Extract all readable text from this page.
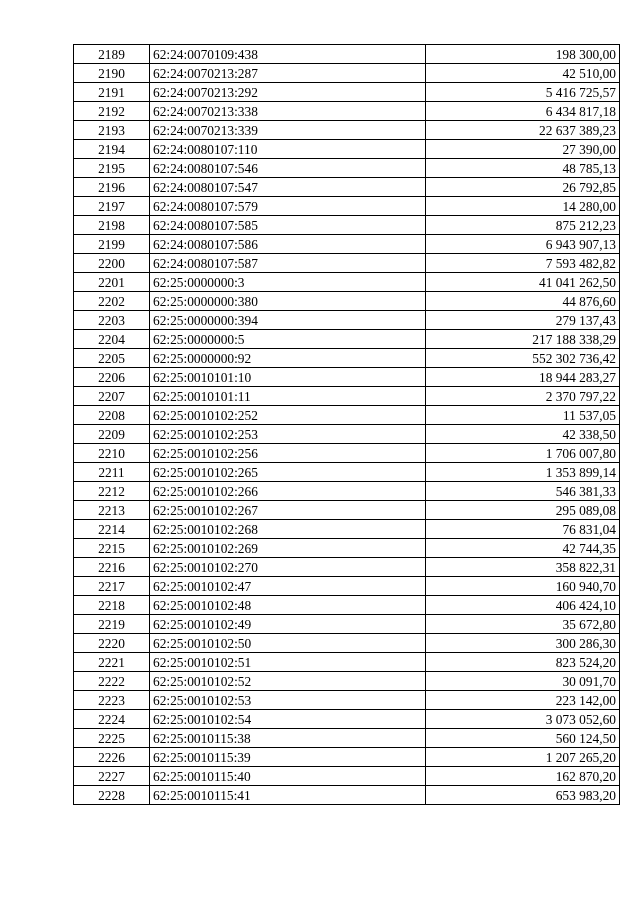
2189	62:24:0070109:438	198 300,00
2190	62:24:0070213:287	42 510,00
2191	62:24:0070213:292	5 416 725,57
2192	62:24:0070213:338	6 434 817,18
2193	62:24:0070213:339	22 637 389,23
2194	62:24:0080107:110	27 390,00
2195	62:24:0080107:546	48 785,13
2196	62:24:0080107:547	26 792,85
2197	62:24:0080107:579	14 280,00
2198	62:24:0080107:585	875 212,23
2199	62:24:0080107:586	6 943 907,13
2200	62:24:0080107:587	7 593 482,82
2201	62:25:0000000:3	41 041 262,50
2202	62:25:0000000:380	44 876,60
2203	62:25:0000000:394	279 137,43
2204	62:25:0000000:5	217 188 338,29
2205	62:25:0000000:92	552 302 736,42
2206	62:25:0010101:10	18 944 283,27
2207	62:25:0010101:11	2 370 797,22
2208	62:25:0010102:252	11 537,05
2209	62:25:0010102:253	42 338,50
2210	62:25:0010102:256	1 706 007,80
2211	62:25:0010102:265	1 353 899,14
2212	62:25:0010102:266	546 381,33
2213	62:25:0010102:267	295 089,08
2214	62:25:0010102:268	76 831,04
2215	62:25:0010102:269	42 744,35
2216	62:25:0010102:270	358 822,31
2217	62:25:0010102:47	160 940,70
2218	62:25:0010102:48	406 424,10
2219	62:25:0010102:49	35 672,80
2220	62:25:0010102:50	300 286,30
2221	62:25:0010102:51	823 524,20
2222	62:25:0010102:52	30 091,70
2223	62:25:0010102:53	223 142,00
2224	62:25:0010102:54	3 073 052,60
2225	62:25:0010115:38	560 124,50
2226	62:25:0010115:39	1 207 265,20
2227	62:25:0010115:40	162 870,20
2228	62:25:0010115:41	653 983,20
